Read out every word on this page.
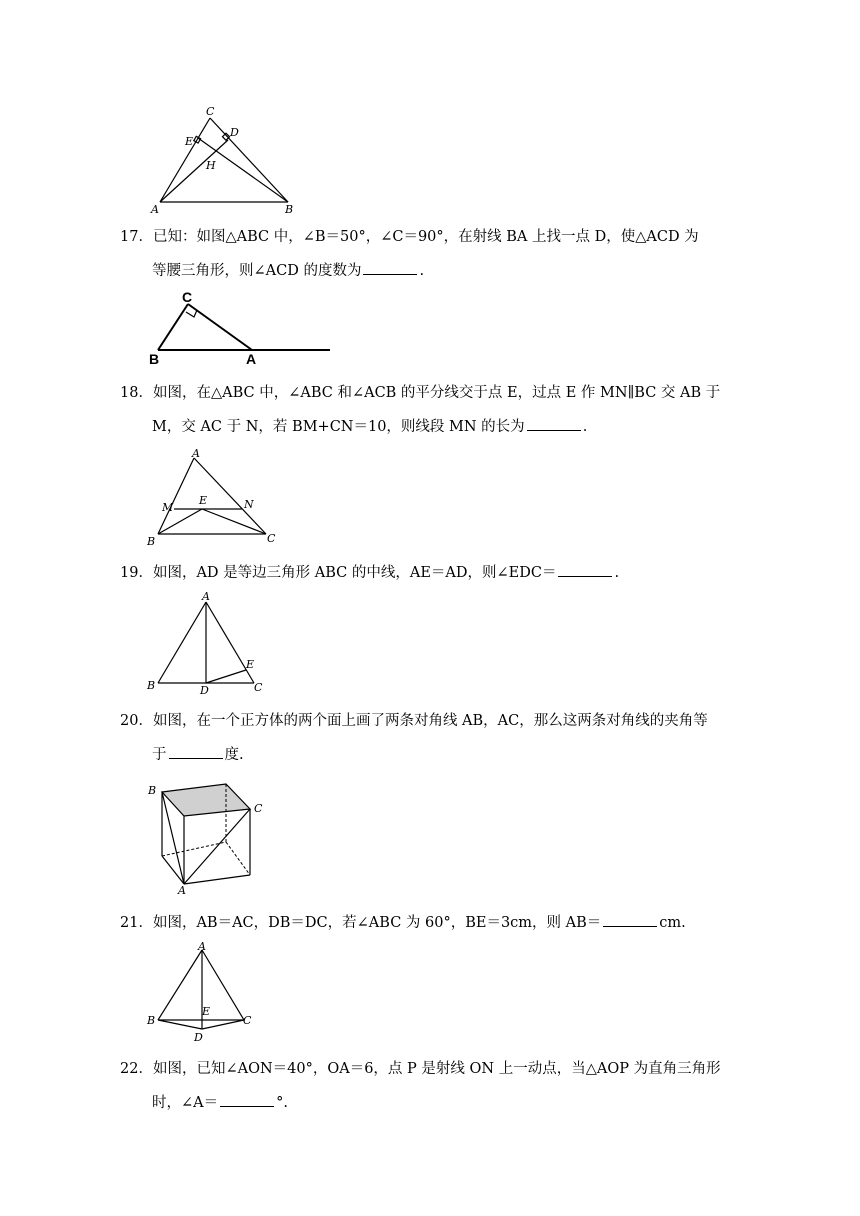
C
D
E
H
A	B
17．已知：如图△ABC 中，∠B＝50°，∠C＝90°，在射线 BA 上找一点 D，使△ACD 为
等腰三角形，则∠ACD 的度数为	.
C
B	A
18．如图，在△ABC 中，∠ABC 和∠ACB 的平分线交于点 E，过点 E 作 MN∥BC 交 AB 于
M，交 AC 于 N，若 BM+CN＝10，则线段 MN 的长为	.
A
M
E	N
B	C
19．如图，AD 是等边三角形 ABC 的中线，AE＝AD，则∠EDC＝	.
A
E
B	D	C
20．如图，在一个正方体的两个面上画了两条对角线 AB，AC，那么这两条对角线的夹角等
于	度.
B
C
A
21．如图，AB＝AC，DB＝DC，若∠ABC 为 60°，BE＝3cm，则 AB＝	cm.
A
E
B	C
D
22．如图，已知∠AON＝40°，OA＝6，点 P 是射线 ON 上一动点，当△AOP 为直角三角形
时，∠A＝	°.
